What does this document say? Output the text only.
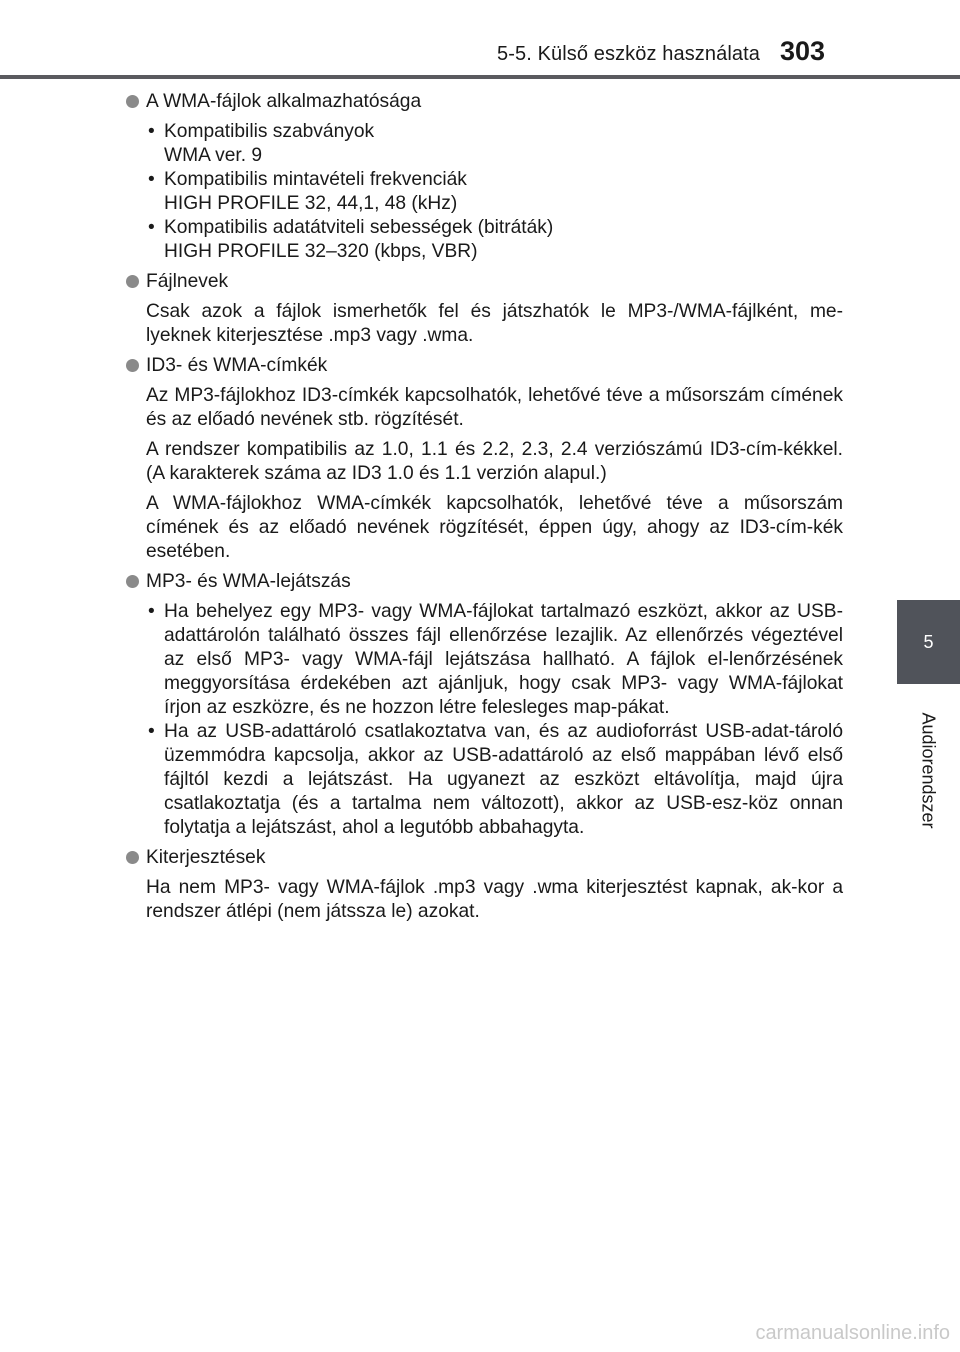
5-5. Külső eszköz használata 303
5
Audiorendszer
A WMA-fájlok alkalmazhatósága
• Kompatibilis szabványok
WMA ver. 9
• Kompatibilis mintavételi frekvenciák
HIGH PROFILE 32, 44,1, 48 (kHz)
• Kompatibilis adatátviteli sebességek (bitráták)
HIGH PROFILE 32–320 (kbps, VBR)
Fájlnevek
Csak azok a fájlok ismerhetők fel és játszhatók le MP3-/WMA-fájlként, me-lyeknek kiterjesztése .mp3 vagy .wma.
ID3- és WMA-címkék
Az MP3-fájlokhoz ID3-címkék kapcsolhatók, lehetővé téve a műsorszám címének és az előadó nevének stb. rögzítését.
A rendszer kompatibilis az 1.0, 1.1 és 2.2, 2.3, 2.4 verziószámú ID3-cím-kékkel. (A karakterek száma az ID3 1.0 és 1.1 verzión alapul.)
A WMA-fájlokhoz WMA-címkék kapcsolhatók, lehetővé téve a műsorszám címének és az előadó nevének rögzítését, éppen úgy, ahogy az ID3-cím-kék esetében.
MP3- és WMA-lejátszás
• Ha behelyez egy MP3- vagy WMA-fájlokat tartalmazó eszközt, akkor az USB-adattárolón található összes fájl ellenőrzése lezajlik. Az ellenőrzés végeztével az első MP3- vagy WMA-fájl lejátszása hallható. A fájlok el-lenőrzésének meggyorsítása érdekében azt ajánljuk, hogy csak MP3- vagy WMA-fájlokat írjon az eszközre, és ne hozzon létre felesleges map-pákat.
• Ha az USB-adattároló csatlakoztatva van, és az audioforrást USB-adat-tároló üzemmódra kapcsolja, akkor az USB-adattároló az első mappában lévő első fájltól kezdi a lejátszást. Ha ugyanezt az eszközt eltávolítja, majd újra csatlakoztatja (és a tartalma nem változott), akkor az USB-esz-köz onnan folytatja a lejátszást, ahol a legutóbb abbahagyta.
Kiterjesztések
Ha nem MP3- vagy WMA-fájlok .mp3 vagy .wma kiterjesztést kapnak, ak-kor a rendszer átlépi (nem játssza le) azokat.
carmanualsonline.info
